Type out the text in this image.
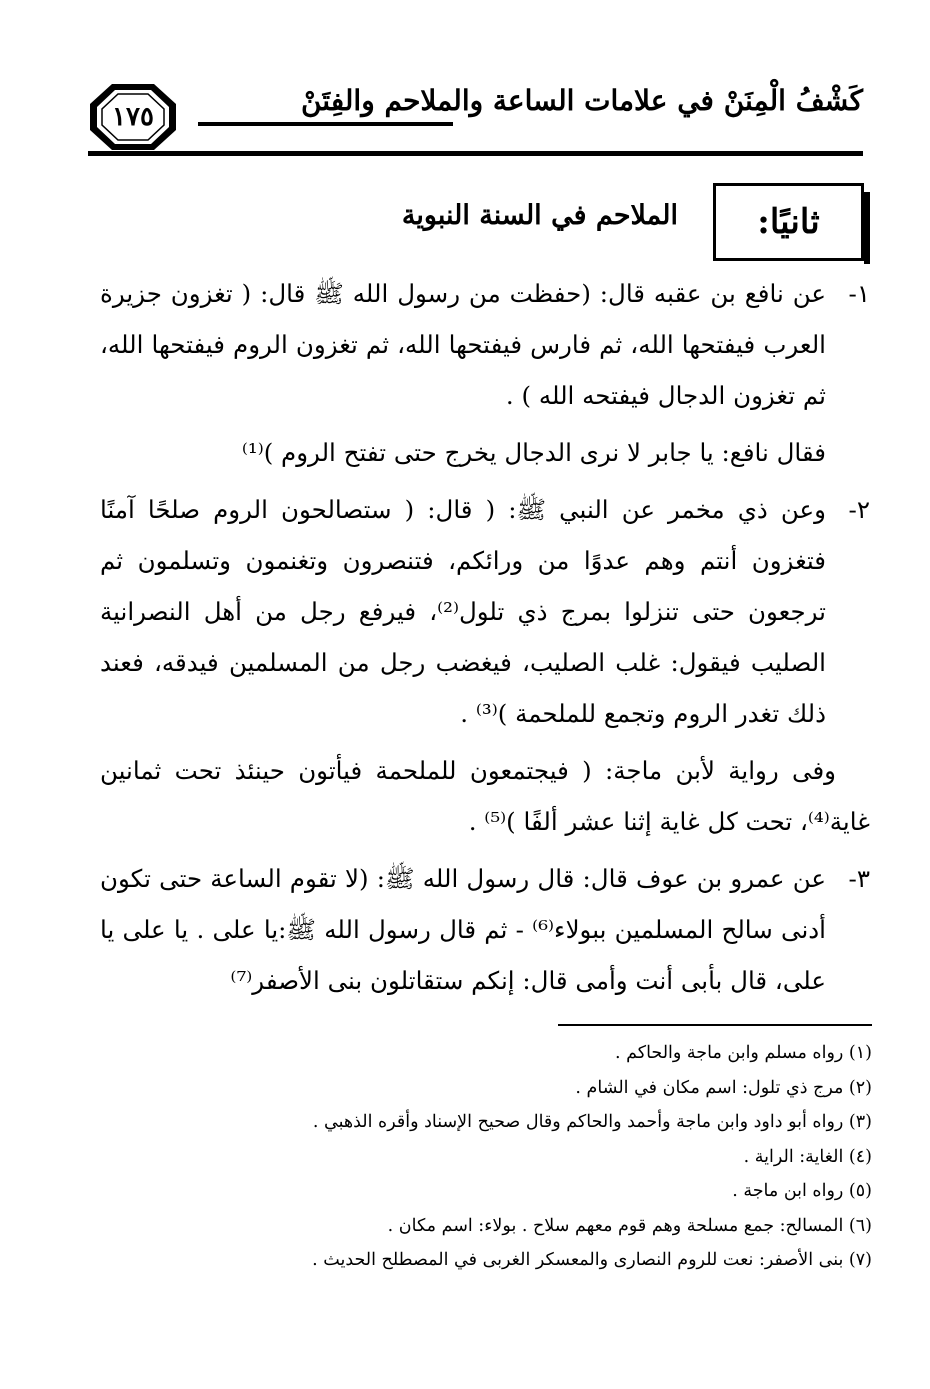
١٧٥	كَشْفُ الْمِنَنْ في علامات الساعة والملاحم والفِتَنْ
ثانيًا:
الملاحم في السنة النبوية
١-
عن نافع بن عقبه قال: (حفظت من رسول الله ﷺ قال: ( تغزون جزيرة العرب فيفتحها الله، ثم فارس فيفتحها الله، ثم تغزون الروم فيفتحها الله، ثم تغزون الدجال فيفتحه الله ) .
فقال نافع: يا جابر لا نرى الدجال يخرج حتى تفتح الروم )⁽¹⁾
٢-
وعن ذي مخمر عن النبي ﷺ: ( قال: ( ستصالحون الروم صلحًا آمنًا فتغزون أنتم وهم عدوًا من ورائكم، فتنصرون وتغنمون وتسلمون ثم ترجعون حتى تنزلوا بمرج ذي تلول⁽²⁾، فيرفع رجل من أهل النصرانية الصليب فيقول: غلب الصليب، فيغضب رجل من المسلمين فيدقه، فعند ذلك تغدر الروم وتجمع للملحمة )⁽³⁾ .
وفى رواية لأبن ماجة: ( فيجتمعون للملحمة فيأتون حينئذ تحت ثمانين غاية⁽⁴⁾، تحت كل غاية إثنا عشر ألفًا )⁽⁵⁾ .
٣-
عن عمرو بن عوف قال: قال رسول الله ﷺ: (لا تقوم الساعة حتى تكون أدنى سالح المسلمين ببولاء⁽⁶⁾ - ثم قال رسول الله ﷺ:يا على . يا على يا على، قال بأبى أنت وأمى قال: إنكم ستقاتلون بنى الأصفر⁽⁷⁾
(١) رواه مسلم وابن ماجة والحاكم .
(٢) مرج ذي تلول: اسم مكان في الشام .
(٣) رواه أبو داود وابن ماجة وأحمد والحاكم وقال صحيح الإسناد وأقره الذهبي .
(٤) الغاية: الراية .
(٥) رواه ابن ماجة .
(٦) المسالح: جمع مسلحة وهم قوم معهم سلاح . بولاء: اسم مكان .
(٧) بنى الأصفر: نعت للروم النصارى والمعسكر الغربى في المصطلح الحديث .
